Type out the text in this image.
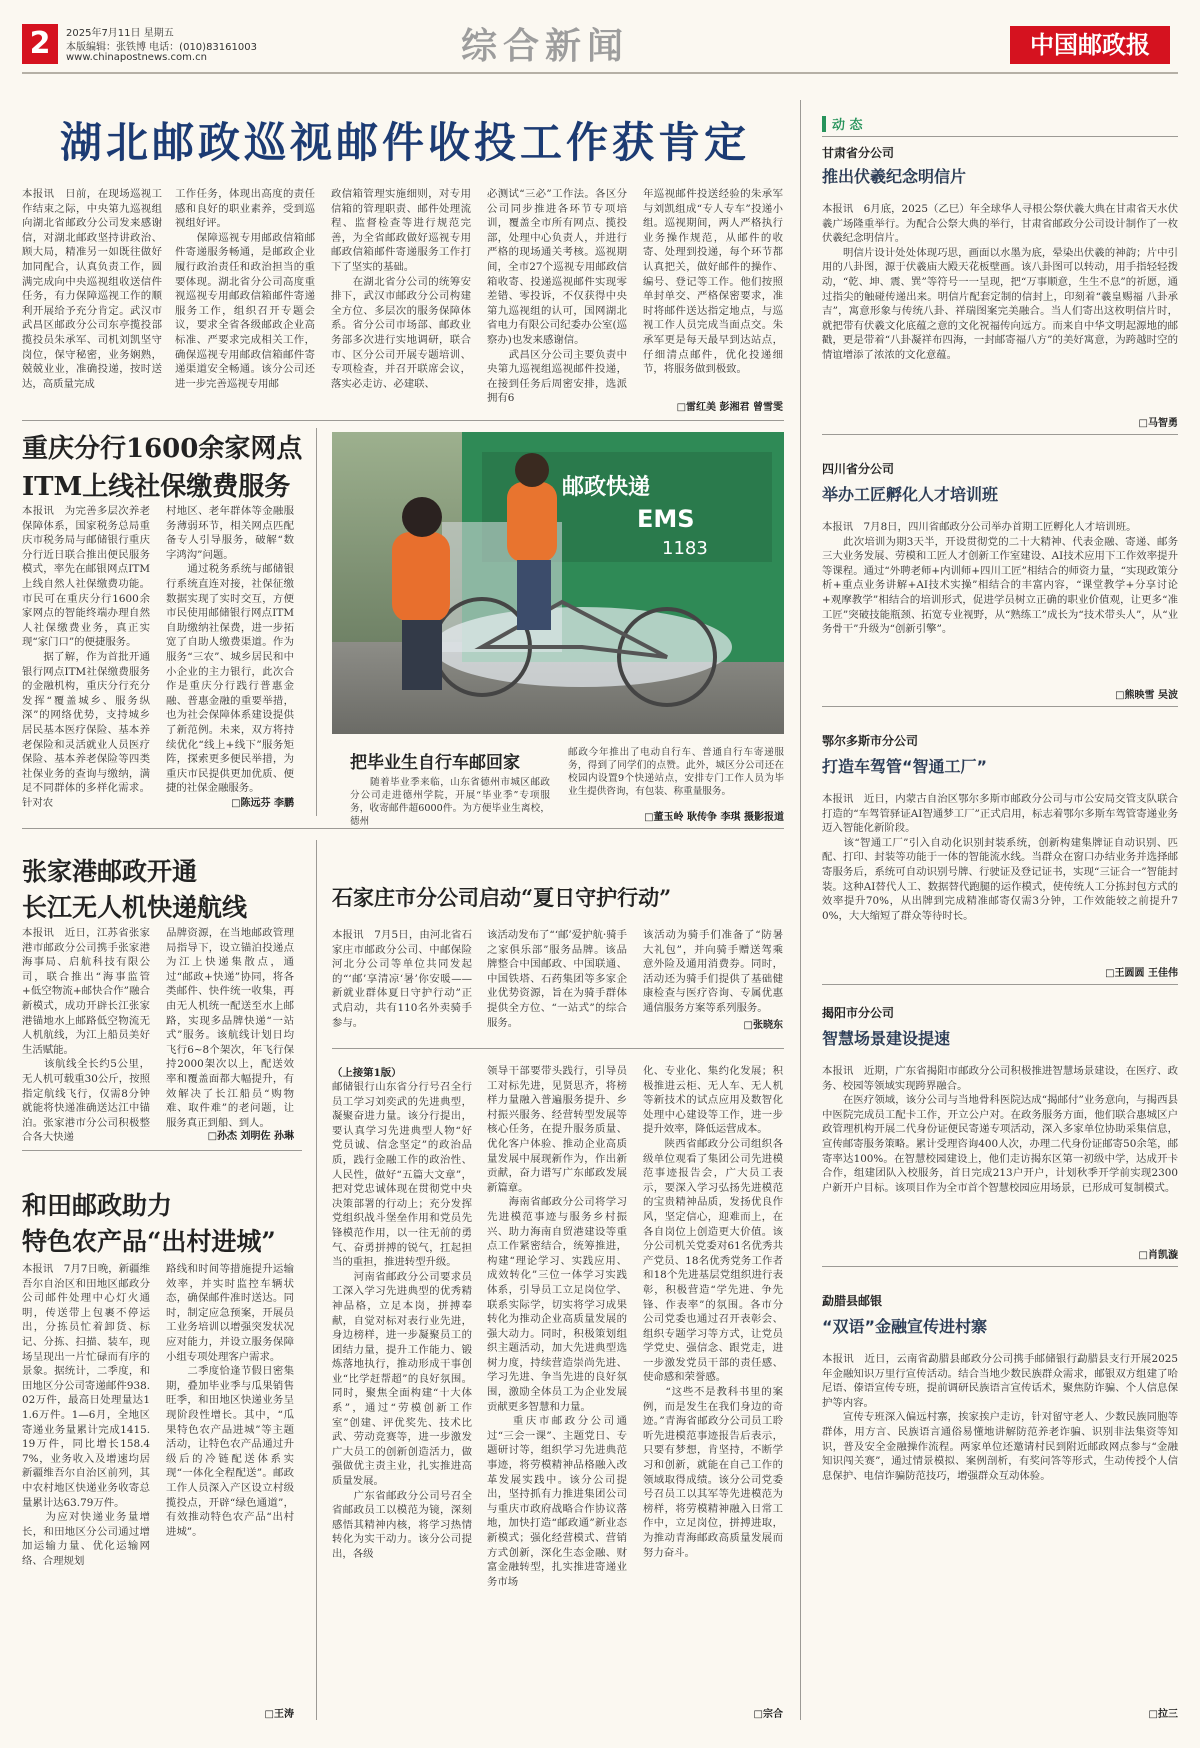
2	2025年7月11日 星期五
本版编辑：张铁博 电话：(010)83161003
www.chinapostnews.com.cn	综合新闻	中国邮政报
湖北邮政巡视邮件收投工作获肯定
本报讯　日前，在现场巡视工作结束之际，中央第九巡视组向湖北省邮政分公司发来感谢信，对湖北邮政坚持讲政治、顾大局，精准另一如既往做好加同配合，认真负责工作，圆满完成向中央巡视组收送信件任务，有力保障巡视工作的顺利开展给予充分肯定。武汉市武昌区邮政分公司东亭揽投部揽投员朱承军、司机刘凯坚守岗位，保守秘密，业务娴熟，兢兢业业，准确投递，按时送达，高质量完成
工作任务，体现出高度的责任感和良好的职业素养，受到巡视组好评。
　　保障巡视专用邮政信箱邮件寄递服务畅通，是邮政企业履行政治责任和政治担当的重要体现。湖北省分公司高度重视巡视专用邮政信箱邮件寄递服务工作，组织召开专题会议，要求全省各级邮政企业高标准、严要求完成相关工作，确保巡视专用邮政信箱邮件寄递渠道安全畅通。该分公司还进一步完善巡视专用邮
政信箱管理实施细则，对专用信箱的管理职责、邮件处理流程、监督检查等进行规范完善，为全省邮政做好巡视专用邮政信箱邮件寄递服务工作打下了坚实的基础。
　　在湖北省分公司的统筹安排下，武汉市邮政分公司构建全方位、多层次的服务保障体系。省分公司市场部、邮政业务部多次进行实地调研，联合市、区分公司开展专题培训、专项检查，并召开联席会议，落实必走访、必建联、
必测试“三必”工作法。各区分公司同步推进各环节专项培训，覆盖全市所有网点、揽投部，处理中心负责人，并进行严格的现场通关考核。巡视期间，全市27个巡视专用邮政信箱收寄、投递巡视邮件实现零差错、零投诉，不仅获得中央第九巡视组的认可，国网湖北省电力有限公司纪委办公室(巡察办)也发来感谢信。
　　武昌区分公司主要负责中央第九巡视组巡视邮件投递，在接到任务后周密安排，选派拥有6
年巡视邮件投送经验的朱承军与刘凯组成“专人专车”投递小组。巡视期间，两人严格执行业务操作规范，从邮件的收寄、处理到投递，每个环节都认真把关，做好邮件的操作、编号、登记等工作。他们按照单封单交、严格保密要求，准时将邮件送达指定地点，与巡视工作人员完成当面点交。朱承军更是每天最早到达站点，仔细清点邮件，优化投递细节，将服务做到极致。
□雷红美 彭湘君 曾雪雯
重庆分行1600余家网点
ITM上线社保缴费服务
本报讯　为完善多层次养老保障体系，国家税务总局重庆市税务局与邮储银行重庆分行近日联合推出便民服务模式，率先在邮银网点ITM上线自然人社保缴费功能。市民可在重庆分行1600余家网点的智能终端办理自然人社保缴费业务，真正实现“家门口”的便捷服务。
　　据了解，作为首批开通银行网点ITM社保缴费服务的金融机构，重庆分行充分发挥“覆盖城乡、服务纵深”的网络优势，支持城乡居民基本医疗保险、基本养老保险和灵活就业人员医疗保险、基本养老保险等四类社保业务的查询与缴纳，满足不同群体的多样化需求。针对农
村地区、老年群体等金融服务薄弱环节，相关网点匹配备专人引导服务，破解“数字鸿沟”问题。
　　通过税务系统与邮储银行系统直连对接，社保征缴数据实现了实时交互，方便市民使用邮储银行网点ITM自助缴纳社保费，进一步拓宽了自助人缴费渠道。作为服务“三农”、城乡居民和中小企业的主力银行，此次合作是重庆分行践行普惠金融、普惠金融的重要举措，也为社会保障体系建设提供了新范例。未来，双方将持续优化“线上+线下”服务矩阵，探索更多便民举措，为重庆市民提供更加优质、便捷的社保金融服务。
□陈远芬 李鹏
邮政快递
EMS
1183
把毕业生自行车邮回家
　　随着毕业季来临，山东省德州市城区邮政分公司走进德州学院，开展“毕业季”专项服务，收寄邮件超6000件。为方便毕业生离校，德州
邮政今年推出了电动自行车、普通自行车寄递服务，得到了同学们的点赞。此外，城区分公司还在校园内设置9个快递站点，安排专门工作人员为毕业生提供咨询，有包装、称重量服务。
□董玉岭 耿传争 李琪 摄影报道
张家港邮政开通
长江无人机快递航线
本报讯　近日，江苏省张家港市邮政分公司携手张家港海事局、启航科技有限公司，联合推出“海事监管+低空物流+邮快合作”融合新模式，成功开辟长江张家港锚地水上邮路低空物流无人机航线，为江上船员美好生活赋能。
　　该航线全长约5公里，无人机可载重30公斤，按照指定航线飞行，仅需8分钟就能将快递准确送达江中锚泊。张家港市分公司积极整合各大快递
品牌资源，在当地邮政管理局指导下，设立锚泊投递点为江上快递集散点，通过“邮政+快递”协同，将各类邮件、快件统一收集，再由无人机统一配送至水上邮路，实现多品牌快递“一站式”服务。该航线计划日均飞行6~8个架次，年飞行保持2000架次以上，配送效率和覆盖面都大幅提升，有效解决了长江船员“购物难、取件难”的老问题，让服务真正到船、到人。
□孙杰 刘明佐 孙琳
石家庄市分公司启动“夏日守护行动”
本报讯　7月5日，由河北省石家庄市邮政分公司、中邮保险河北分公司等单位共同发起的“‘邮’享清凉‘暑’你安暖——新就业群体夏日守护行动”正式启动，共有110名外卖骑手参与。
该活动发布了“‘邮’爱护航·骑手之家俱乐部”服务品牌。该品牌整合中国邮政、中国联通、中国铁塔、石药集团等多家企业优势资源，旨在为骑手群体提供全方位、“一站式”的综合服务。
该活动为骑手们准备了“防暑大礼包”，并向骑手赠送驾乘意外险及通用消费券。同时，活动还为骑手们提供了基础健康检查与医疗咨询、专属优惠通信服务方案等系列服务。
□张晓东
和田邮政助力
特色农产品“出村进城”
本报讯　7月7日晚，新疆维吾尔自治区和田地区邮政分公司邮件处理中心灯火通明，传送带上包裹不停运出，分拣员忙着卸货、标记、分拣、扫描、装车，现场呈现出一片忙碌而有序的景象。据统计，二季度，和田地区分公司寄递邮件938.02万件，最高日处理量达11.6万件。1—6月，全地区寄递业务量累计完成1415.19万件，同比增长158.47%，业务收入及增速均居新疆维吾尔自治区前列，其中农村地区快递业务收寄总量累计达63.79万件。
　　为应对快递业务量增长，和田地区分公司通过增加运输力量、优化运输网络、合理规划
路线和时间等措施提升运输效率，并实时监控车辆状态，确保邮件准时送达。同时，制定应急预案，开展员工业务培训以增强突发状况应对能力，并设立服务保障小组专项处理客户需求。
　　二季度恰逢节假日密集期，叠加毕业季与瓜果销售旺季，和田地区快递业务呈现阶段性增长。其中，“瓜果特色农产品进城”等主题活动，让特色农产品通过升级后的冷链配送体系实现“一体化全程配送”。邮政工作人员深入产区设立村级揽投点，开辟“绿色通道”，有效推动特色农产品“出村进城”。
□王涛
（上接第1版）
邮储银行山东省分行号召全行员工学习刘奕武的先进典型，凝聚奋进力量。该分行提出，要认真学习先进典型人物“好党员诚、信念坚定”的政治品质，践行金融工作的政治性、人民性，做好“五篇大文章”，把对党忠诚体现在贯彻党中央决策部署的行动上；充分发挥党组织战斗堡垒作用和党员先锋模范作用，以一往无前的勇气、奋勇拼搏的锐气，扛起担当的重担，推进转型升级。
　　河南省邮政分公司要求员工深入学习先进典型的优秀精神品格，立足本岗，拼搏奉献，自觉对标对表行业先进，身边榜样，进一步凝聚员工的团结力量，提升工作能力、锻炼落地执行，推动形成干事创业“比学赶帮超”的良好氛围。同时，聚焦全面构建“十大体系”，通过“劳模创新工作室”创建、评优奖先、技术比武、劳动竞赛等，进一步激发广大员工的创新创造活力，做强做优主责主业，扎实推进高质量发展。
　　广东省邮政分公司号召全省邮政员工以模范为镜，深刻感悟其精神内核，将学习热情转化为实干动力。该分公司提出，各级
领导干部要带头践行，引导员工对标先进，见贤思齐，将榜样力量融入普遍服务提升、乡村振兴服务、经营转型发展等核心任务，在提升服务质量、优化客户体验、推动企业高质量发展中展现新作为，作出新贡献，奋力谱写广东邮政发展新篇章。
　　海南省邮政分公司将学习先进模范事迹与服务乡村振兴、助力海南自贸港建设等重点工作紧密结合，统筹推进，构建“理论学习、实践应用、成效转化”三位一体学习实践体系，引导员工立足岗位学、联系实际学，切实将学习成果转化为推动企业高质量发展的强大动力。同时，积极策划组织主题活动，加大先进典型选树力度，持续营造崇尚先进、学习先进、争当先进的良好氛围，激励全体员工为企业发展贡献更多智慧和力量。
　　重庆市邮政分公司通过“三会一课”、主题党日、专题研讨等，组织学习先进典范事迹，将劳模精神品格融入改革发展实践中。该分公司提出，坚持抓有力推进集团公司与重庆市政府战略合作协议落地，加快打造“邮政通”新业态新模式；强化经营模式、营销方式创新，深化生态金融、财富金融转型，扎实推进寄递业务市场
化、专业化、集约化发展；积极推进云柜、无人车、无人机等新技术的试点应用及数智化处理中心建设等工作，进一步提升效率，降低运营成本。
　　陕西省邮政分公司组织各级单位观看了集团公司先进模范事迹报告会，广大员工表示，要深入学习弘扬先进模范的宝贵精神品质，发扬优良作风，坚定信心，迎难而上，在各自岗位上创造更大价值。该分公司机关党委对61名优秀共产党员、18名优秀党务工作者和18个先进基层党组织进行表彰，积极营造“学先进、争先锋、作表率”的氛围。各市分公司党委也通过召开表彰会、组织专题学习等方式，让党员学党史、强信念、跟党走，进一步激发党员干部的责任感、使命感和荣誉感。
　　“这些不是教科书里的案例，而是发生在我们身边的奇迹。”青海省邮政分公司员工聆听先进模范事迹报告后表示，只要有梦想，肯坚持，不断学习和创新，就能在自己工作的领域取得成绩。该分公司党委号召员工以其军等先进模范为榜样，将劳模精神融入日常工作中，立足岗位，拼搏进取，为推动青海邮政高质量发展而努力奋斗。
□宗合
动 态
甘肃省分公司
推出伏羲纪念明信片
本报讯　6月底，2025（乙巳）年全球华人寻根公祭伏羲大典在甘肃省天水伏羲广场隆重举行。为配合公祭大典的举行，甘肃省邮政分公司设计制作了一枚伏羲纪念明信片。
　　明信片设计处处体现巧思，画面以水墨为底，晕染出伏羲的神韵；片中引用的八卦图，源于伏羲庙大殿天花板壁画。该八卦图可以转动，用手指轻轻拨动，“乾、坤、震、巽”等符号一一呈现，把“万事顺意，生生不息”的祈愿，通过指尖的触碰传递出来。明信片配套定制的信封上，印刻着“羲皇赐福 八卦承吉”，寓意形象与传统八卦、祥瑞图案完美融合。当人们寄出这枚明信片时，就把带有伏羲文化底蕴之意的文化祝福传向远方。而来自中华文明起源地的邮戳，更是带着“八卦凝祥布四海，一封邮寄福八方”的美好寓意，为跨越时空的情谊增添了浓浓的文化意蕴。
□马智勇
四川省分公司
举办工匠孵化人才培训班
本报讯　7月8日，四川省邮政分公司举办首期工匠孵化人才培训班。
　　此次培训为期3天半，开设贯彻党的二十大精神、代表金融、寄递、邮务三大业务发展、劳模和工匠人才创新工作室建设、AI技术应用下工作效率提升等课程。通过“外聘老师+内训师+四川工匠”相结合的师资力量，“实现政策分析+重点业务讲解+AI技术实操”相结合的丰富内容，“课堂教学+分享讨论+观摩教学”相结合的培训形式，促进学员树立正确的职业价值观，让更多“准工匠”突破技能瓶颈、拓宽专业视野，从“熟练工”成长为“技术带头人”，从“业务骨干”升级为“创新引擎”。
□熊映雪 吴波
鄂尔多斯市分公司
打造车驾管“智通工厂”
本报讯　近日，内蒙古自治区鄂尔多斯市邮政分公司与市公安局交管支队联合打造的“车驾管驿证AI智通梦工厂”正式启用，标志着鄂尔多斯车驾管寄递业务迈入智能化新阶段。
　　该“智通工厂”引入自动化识别封装系统，创新构建集牌证自动识别、匹配、打印、封装等功能于一体的智能流水线。当群众在窗口办结业务并选择邮寄服务后，系统可自动识别号牌、行驶证及登记证书，实现“三证合一”智能封装。这种AI替代人工、数据替代跑腿的运作模式，使传统人工分拣封包方式的效率提升70%，从出牌到完成精准邮寄仅需3分钟，工作效能较之前提升70%，大大缩短了群众等待时长。
□王圆圆 王佳伟
揭阳市分公司
智慧场景建设提速
本报讯　近期，广东省揭阳市邮政分公司积极推进智慧场景建设，在医疗、政务、校园等领域实现跨界融合。
　　在医疗领域，该分公司与当地骨科医院达成“揭邮付”业务意向，与揭西县中医院完成员工配卡工作，开立公户对。在政务服务方面，他们联合惠城区户政管理机构开展二代身份证便民寄递专项活动，深入多家单位协助采集信息，宣传邮寄服务策略。累计受理咨询400人次，办理二代身份证邮寄50余笔，邮寄率达100%。在智慧校园建设上，他们走访揭东区第一初级中学，达成开卡合作，组建团队入校服务，首日完成213户开户，计划秋季开学前实现2300户新开户目标。该项目作为全市首个智慧校园应用场景，已形成可复制模式。
□肖凯漩
勐腊县邮银
“双语”金融宣传进村寨
本报讯　近日，云南省勐腊县邮政分公司携手邮储银行勐腊县支行开展2025年金融知识万里行宣传活动。结合当地少数民族群众需求，邮银双方组建了哈尼语、傣语宣传专班，提前调研民族语言宣传话术，聚焦防诈骗、个人信息保护等内容。
　　宣传专班深入偏远村寨，挨家挨户走访，针对留守老人、少数民族同胞等群体，用方言、民族语言通俗易懂地讲解防范养老诈骗、识别非法集资等知识，普及安全金融操作流程。两家单位还邀请村民到附近邮政网点参与“金融知识闯关赛”，通过情景模拟、案例剖析，有奖问答等形式，生动传授个人信息保护、电信诈骗防范技巧，增强群众互动体验。
□拉三
